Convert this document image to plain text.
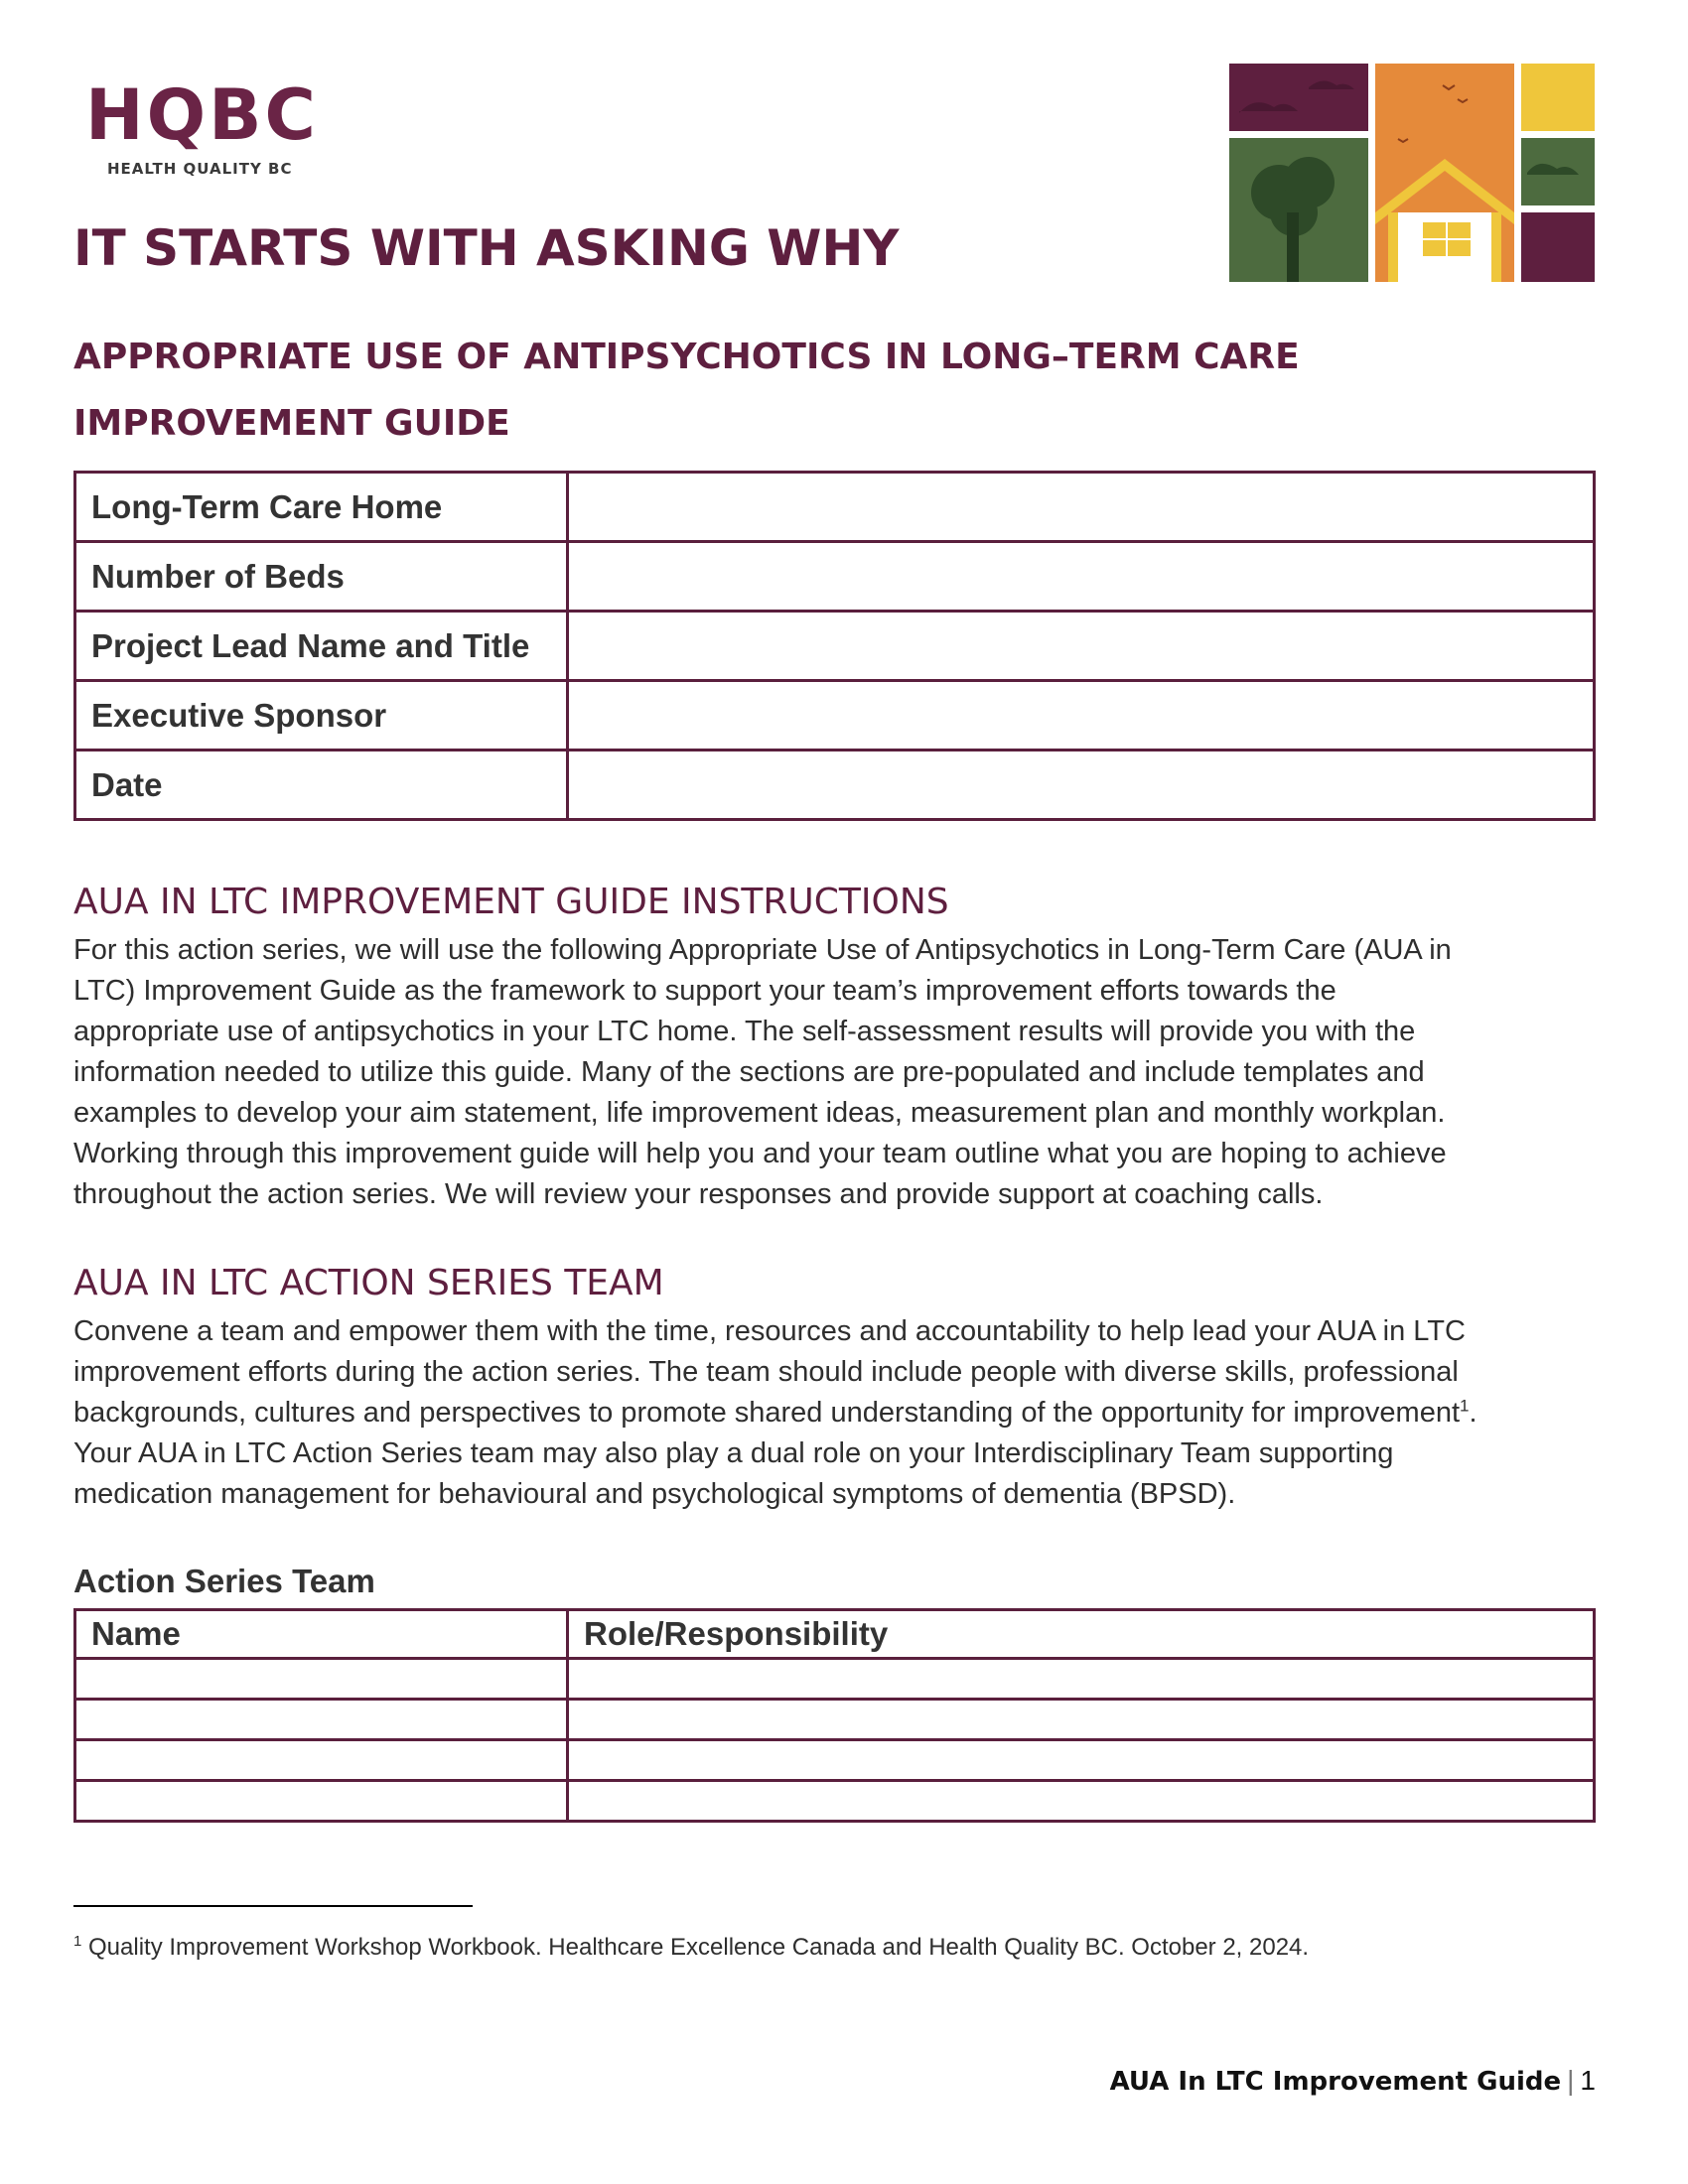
HQBC
HEALTH QUALITY BC
IT STARTS WITH ASKING WHY
APPROPRIATE USE OF ANTIPSYCHOTICS IN LONG–TERM CARE
IMPROVEMENT GUIDE
Long-Term Care Home	
Number of Beds	
Project Lead Name and Title	
Executive Sponsor	
Date	
AUA IN LTC IMPROVEMENT GUIDE INSTRUCTIONS

For this action series, we will use the following Appropriate Use of Antipsychotics in Long-Term Care (AUA in
LTC) Improvement Guide as the framework to support your team’s improvement efforts towards the
appropriate use of antipsychotics in your LTC home. The self-assessment results will provide you with the
information needed to utilize this guide. Many of the sections are pre-populated and include templates and
examples to develop your aim statement, life improvement ideas, measurement plan and monthly workplan.
Working through this improvement guide will help you and your team outline what you are hoping to achieve
throughout the action series. We will review your responses and provide support at coaching calls.

AUA IN LTC ACTION SERIES TEAM

Convene a team and empower them with the time, resources and accountability to help lead your AUA in LTC
improvement efforts during the action series. The team should include people with diverse skills, professional
backgrounds, cultures and perspectives to promote shared understanding of the opportunity for improvement$^1$.
Your AUA in LTC Action Series team may also play a dual role on your Interdisciplinary Team supporting
medication management for behavioural and psychological symptoms of dementia (BPSD).

Action Series Team
Name	Role/Responsibility

$^1$ Quality Improvement Workshop Workbook. Healthcare Excellence Canada and Health Quality BC. October 2, 2024.

AUA In LTC Improvement Guide | 1
